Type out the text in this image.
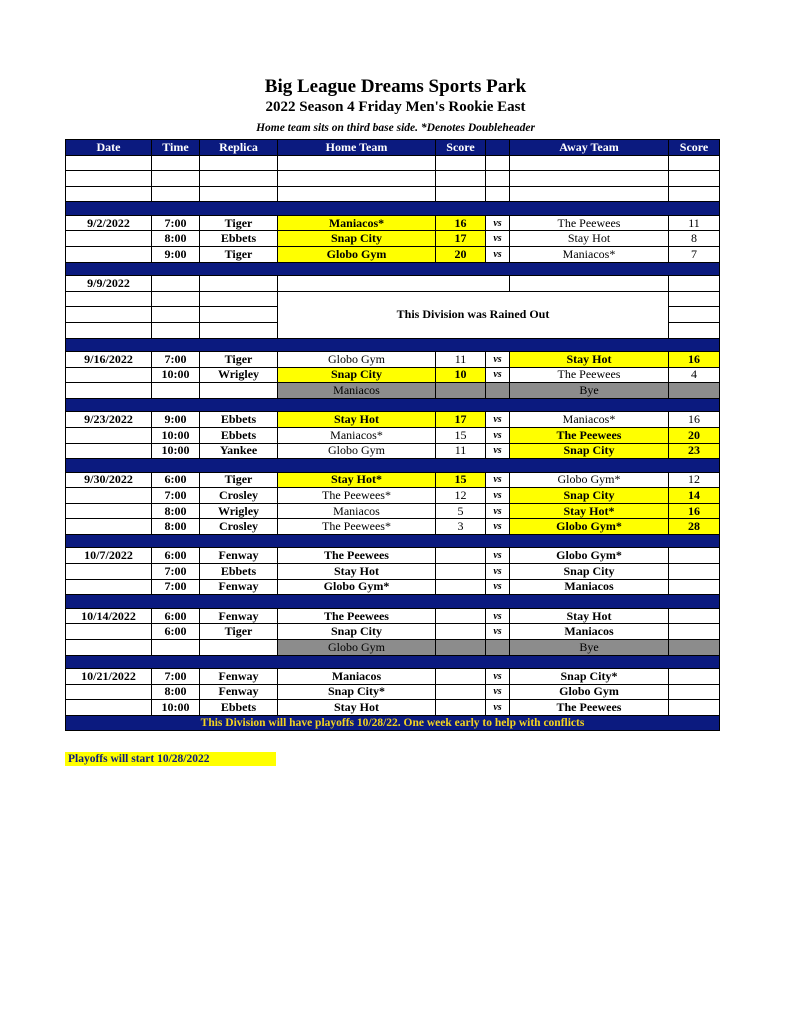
Big League Dreams Sports Park
2022 Season 4 Friday Men's Rookie East
Home team sits on third base side. *Denotes Doubleheader
Date	Time	Replica	Home Team	Score		Away Team	Score

9/2/2022	7:00	Tiger	Maniacos*	16	vs	The Peewees	11
	8:00	Ebbets	Snap City	17	vs	Stay Hot	8
	9:00	Tiger	Globo Gym	20	vs	Maniacos*	7

9/9/2022							
			This Division was Rained Out				

9/16/2022	7:00	Tiger	Globo Gym	11	vs	Stay Hot	16
	10:00	Wrigley	Snap City	10	vs	The Peewees	4
			Maniacos			Bye	

9/23/2022	9:00	Ebbets	Stay Hot	17	vs	Maniacos*	16
	10:00	Ebbets	Maniacos*	15	vs	The Peewees	20
	10:00	Yankee	Globo Gym	11	vs	Snap City	23

9/30/2022	6:00	Tiger	Stay Hot*	15	vs	Globo Gym*	12
	7:00	Crosley	The Peewees*	12	vs	Snap City	14
	8:00	Wrigley	Maniacos	5	vs	Stay Hot*	16
	8:00	Crosley	The Peewees*	3	vs	Globo Gym*	28

10/7/2022	6:00	Fenway	The Peewees		vs	Globo Gym*	
	7:00	Ebbets	Stay Hot		vs	Snap City	
	7:00	Fenway	Globo Gym*		vs	Maniacos	

10/14/2022	6:00	Fenway	The Peewees		vs	Stay Hot	
	6:00	Tiger	Snap City		vs	Maniacos	
			Globo Gym			Bye	

10/21/2022	7:00	Fenway	Maniacos		vs	Snap City*	
	8:00	Fenway	Snap City*		vs	Globo Gym	
	10:00	Ebbets	Stay Hot		vs	The Peewees	
This Division will have playoffs 10/28/22. One week early to help with conflicts							
Playoffs will start 10/28/2022
